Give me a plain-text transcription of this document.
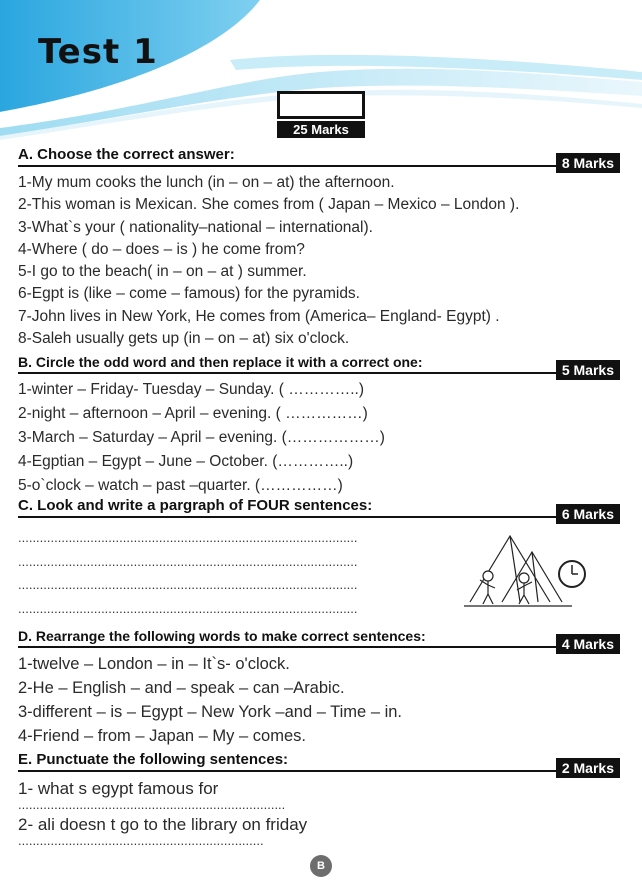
Test 1
25 Marks
A. Choose the correct answer:	8 Marks
1-My mum cooks the lunch (in – on – at) the afternoon.
2-This woman is Mexican. She comes from ( Japan – Mexico – London ).
3-What`s your ( nationality–national – international).
4-Where ( do – does – is ) he come from?
5-I go to the beach( in – on – at ) summer.
6-Egpt is (like – come – famous) for the pyramids.
7-John lives in New York, He comes from (America– England- Egypt) .
8-Saleh usually gets up (in – on – at) six o'clock.
B. Circle the odd word and then replace it with a correct one:	5 Marks
1-winter – Friday- Tuesday – Sunday. ( …………..)
2-night – afternoon – April – evening. ( ……………)
3-March – Saturday – April – evening. (………………)
4-Egptian – Egypt – June – October. (…………..)
5-o`clock – watch – past –quarter. (……………)
C. Look and write a pargraph of FOUR sentences:	6 Marks
..............................................................................................
..............................................................................................
..............................................................................................
..............................................................................................
D. Rearrange the following words to make correct sentences:	4 Marks
1-twelve – London – in – It`s- o'clock.
2-He – English – and – speak – can –Arabic.
3-different – is – Egypt – New York –and – Time – in.
4-Friend – from – Japan – My – comes.
E. Punctuate the following sentences:	2 Marks
1- what s egypt famous for
..........................................................................
2- ali doesn t go to the library on friday
....................................................................
B
